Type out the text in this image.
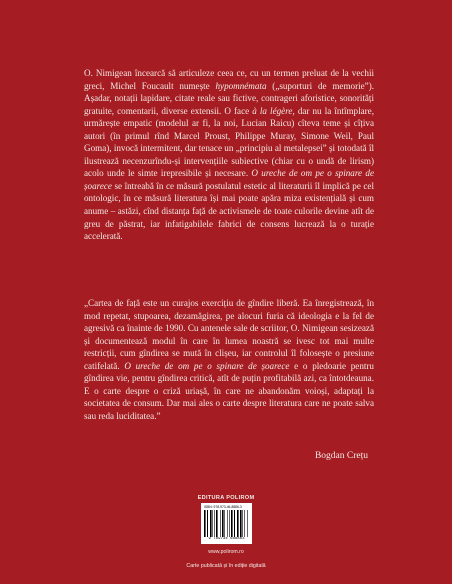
O. Nimigean încearcă să articuleze ceea ce, cu un termen preluat de la vechii greci, Michel Foucault numește hypomnémata („suporturi de memorie”). Așadar, notații lapidare, citate reale sau fictive, contrageri aforistice, sonorități gratuite, comentarii, diverse extensii. O face à la légère, dar nu la întîmplare, urmărește empatic (modelul ar fi, la noi, Lucian Raicu) cîteva teme și cîțiva autori (în primul rînd Marcel Proust, Philippe Muray, Simone Weil, Paul Goma), invocă intermitent, dar tenace un „principiu al metalepsei” și totodată îl ilustrează necenzurîndu-și intervențiile subiective (chiar cu o undă de lirism) acolo unde le simte irepresibile și necesare. O ureche de om pe o spinare de șoarece se întreabă în ce măsură postulatul estetic al literaturii îl implică pe cel ontologic, în ce măsură literatura își mai poate apăra miza existențială și cum anume – astăzi, cînd distanța față de activismele de toate culorile devine atît de greu de păstrat, iar infatigabilele fabrici de consens lucrează la o turație accelerată.
„Cartea de față este un curajos exercițiu de gîndire liberă. Ea înregistrează, în mod repetat, stupoarea, dezamăgirea, pe alocuri furia că ideologia e la fel de agresivă ca înainte de 1990. Cu antenele sale de scriitor, O. Nimigean sesizează și documentează modul în care în lumea noastră se ivesc tot mai multe restricții, cum gîndirea se mută în clișeu, iar controlul îl folosește o presiune catifelată. O ureche de om pe o spinare de șoarece e o pledoarie pentru gîndirea vie, pentru gîndirea critică, atît de puțin profitabilă azi, ca întotdeauna. E o carte despre o criză uriașă, în care ne abandonăm voioși, adaptați la societatea de consum. Dar mai ales o carte despre literatura care ne poate salva sau reda luciditatea.”
Bogdan Crețu
EDITURA POLIROM
ISBN: 978-973-46-8886-3
9 789734 688863
www.polirom.ro
Carte publicată și în ediție digitală
